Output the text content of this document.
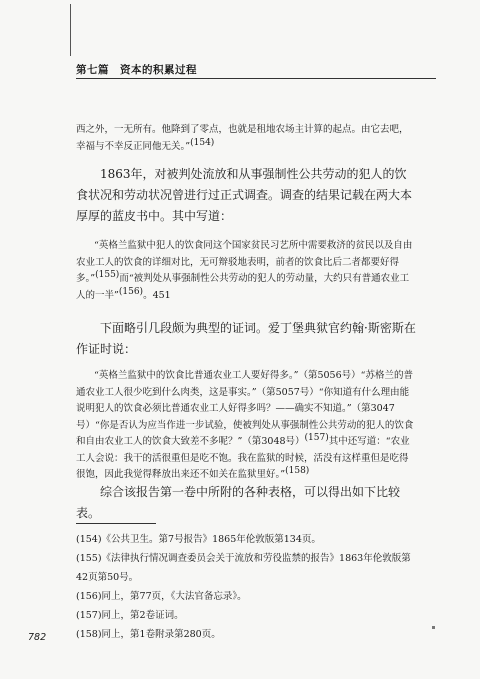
第七篇　资本的积累过程
西之外，一无所有。他降到了零点，也就是租地农场主计算的起点。由它去吧，幸福与不幸反正同他无关。”(154)
1863年，对被判处流放和从事强制性公共劳动的犯人的饮食状况和劳动状况曾进行过正式调查。调查的结果记载在两大本厚厚的蓝皮书中。其中写道：
“英格兰监狱中犯人的饮食同这个国家贫民习艺所中需要救济的贫民以及自由农业工人的饮食的详细对比，无可辩驳地表明，前者的饮食比后二者都要好得多。”(155)而“被判处从事强制性公共劳动的犯人的劳动量，大约只有普通农业工人的一半”(156)。451
下面略引几段颇为典型的证词。爱丁堡典狱官约翰·斯密斯在作证时说：
“英格兰监狱中的饮食比普通农业工人要好得多。”（第5056号）“苏格兰的普通农业工人很少吃到什么肉类，这是事实。”（第5057号）“你知道有什么理由能说明犯人的饮食必须比普通农业工人好得多吗？——确实不知道。”（第3047号）“你是否认为应当作进一步试验，使被判处从事强制性公共劳动的犯人的饮食和自由农业工人的饮食大致差不多呢？”（第3048号）(157)其中还写道：“农业工人会说：我干的活很重但是吃不饱。我在监狱的时候，活没有这样重但是吃得很饱，因此我觉得释放出来还不如关在监狱里好。”(158)
综合该报告第一卷中所附的各种表格，可以得出如下比较表。
(154)《公共卫生。第7号报告》1865年伦敦版第134页。
(155)《法律执行情况调查委员会关于流放和劳役监禁的报告》1863年伦敦版第42页第50号。
(156)同上，第77页，《大法官备忘录》。
(157)同上，第2卷证词。
(158)同上，第1卷附录第280页。
782
